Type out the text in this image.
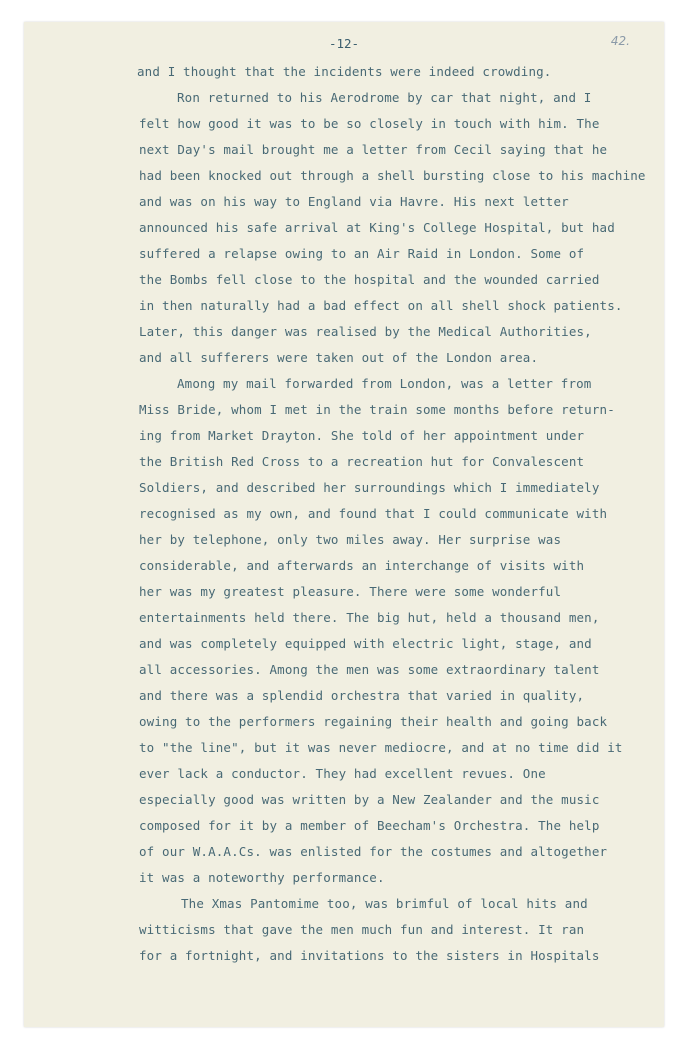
42.
-12-
and I thought that the incidents were indeed crowding.
Ron returned to his Aerodrome by car that night, and I
felt how good it was to be so closely in touch with him. The
next Day's mail brought me a letter from Cecil saying that he
had been knocked out through a shell bursting close to his machine
and was on his way to England via Havre. His next letter
announced his safe arrival at King's College Hospital, but had
suffered a relapse owing to an Air Raid in London. Some of
the Bombs fell close to the hospital and the wounded carried
in then naturally had a bad effect on all shell shock patients.
Later, this danger was realised by the Medical Authorities,
and all sufferers were taken out of the London area.
Among my mail forwarded from London, was a letter from
Miss Bride, whom I met in the train some months before return-
ing from Market Drayton. She told of her appointment under
the British Red Cross to a recreation hut for Convalescent
Soldiers, and described her surroundings which I immediately
recognised as my own, and found that I could communicate with
her by telephone, only two miles away. Her surprise was
considerable, and afterwards an interchange of visits with
her was my greatest pleasure. There were some wonderful
entertainments held there. The big hut, held a thousand men,
and was completely equipped with electric light, stage, and
all accessories. Among the men was some extraordinary talent
and there was a splendid orchestra that varied in quality,
owing to the performers regaining their health and going back
to "the line", but it was never mediocre, and at no time did it
ever lack a conductor. They had excellent revues. One
especially good was written by a New Zealander and the music
composed for it by a member of Beecham's Orchestra. The help
of our W.A.A.Cs. was enlisted for the costumes and altogether
it was a noteworthy performance.
The Xmas Pantomime too, was brimful of local hits and
witticisms that gave the men much fun and interest. It ran
for a fortnight, and invitations to the sisters in Hospitals
